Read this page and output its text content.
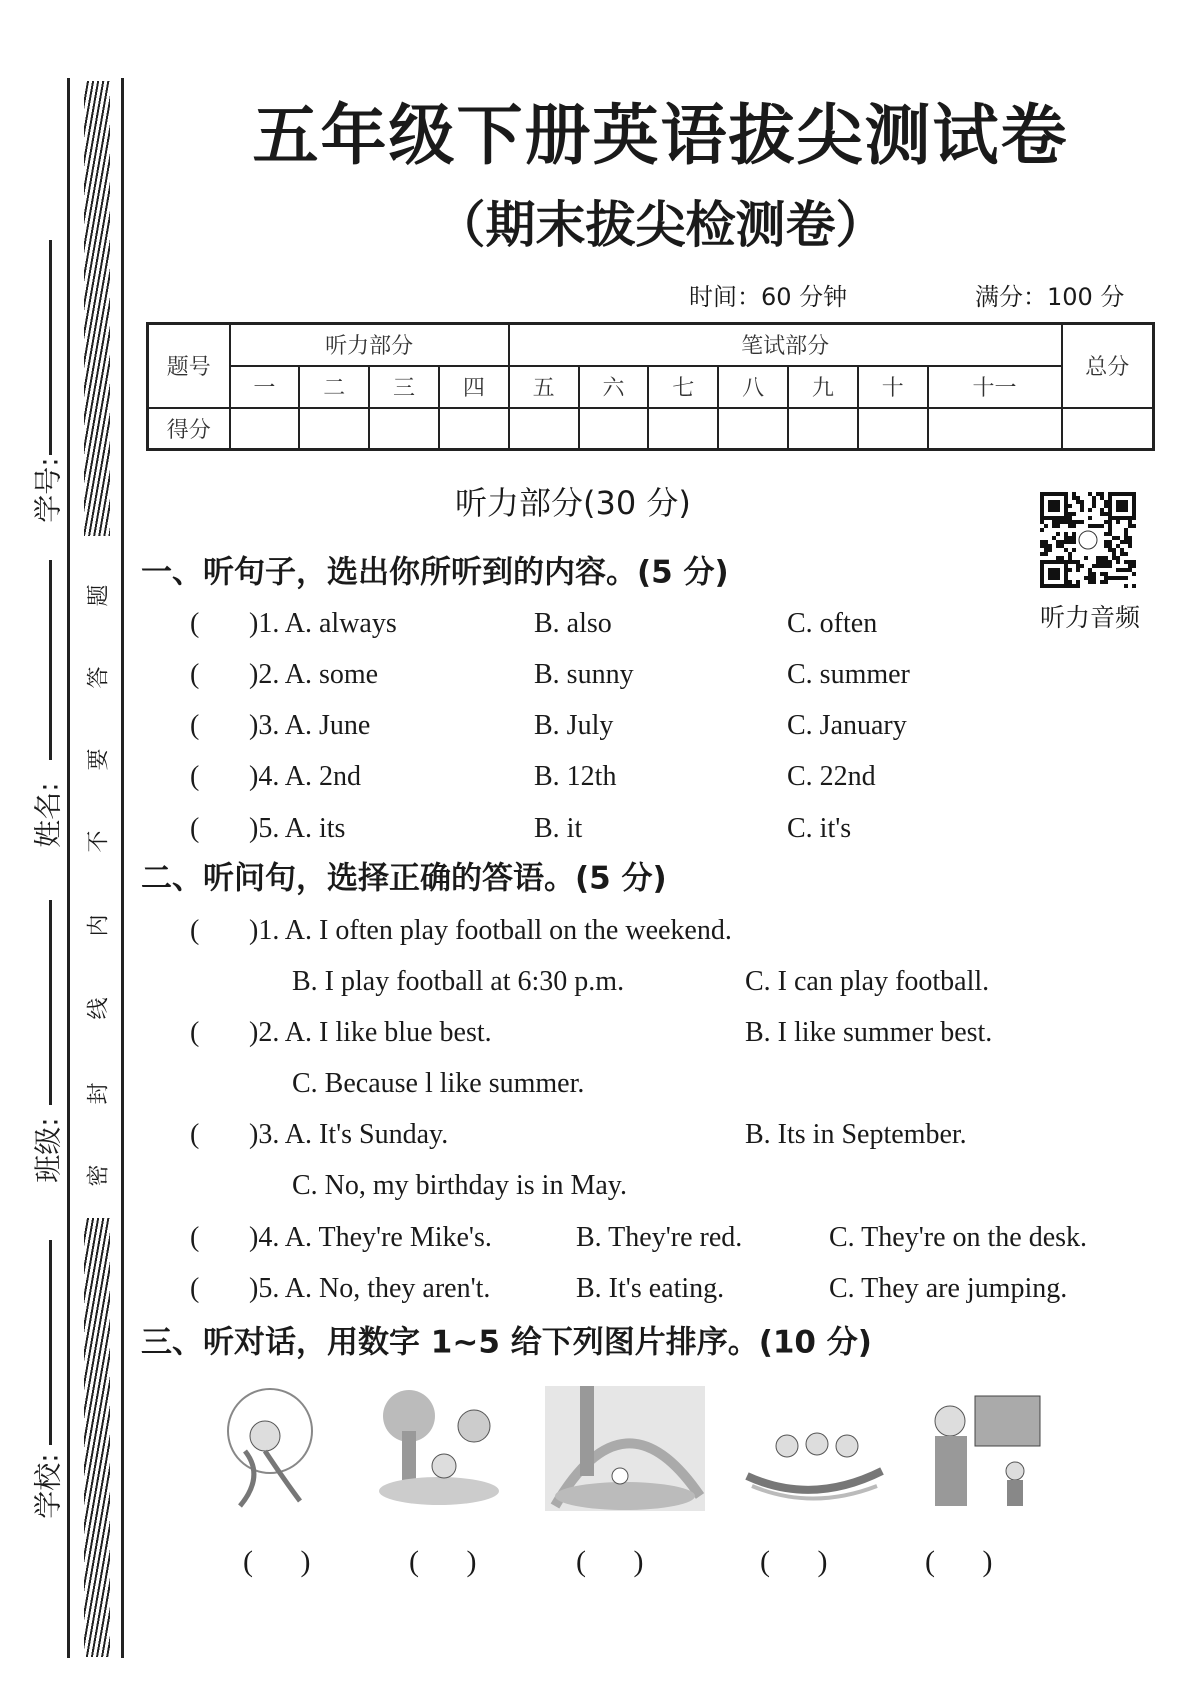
题
答
要
不
内
线
封
密
学号:
姓名:
班级:
学校:
五年级下册英语拔尖测试卷
（期末拔尖检测卷）
时间：60 分钟	满分：100 分
题号	听力部分				笔试部分							总分
	一	二	三	四	五	六	七	八	九	十	十一	
得分												
听力部分(30 分)
听力音频
一、听句子，选出你所听到的内容。(5 分)
( )1. A. always	B. also	C. often
( )2. A. some	B. sunny	C. summer
( )3. A. June	B. July	C. January
( )4. A. 2nd	B. 12th	C. 22nd
( )5. A. its	B. it	C. it's
二、听问句，选择正确的答语。(5 分)
( )1. A. I often play football on the weekend.
B. I play football at 6:30 p.m.	C. I can play football.
( )2. A. I like blue best.	B. I like summer best.
C. Because l like summer.
( )3. A. It's Sunday.	B. Its in September.
C. No, my birthday is in May.
( )4. A. They're Mike's.	B. They're red.	C. They're on the desk.
( )5. A. No, they aren't.	B. It's eating.	C. They are jumping.
三、听对话，用数字 1~5 给下列图片排序。(10 分)
( )	( )	( )	( )	( )
